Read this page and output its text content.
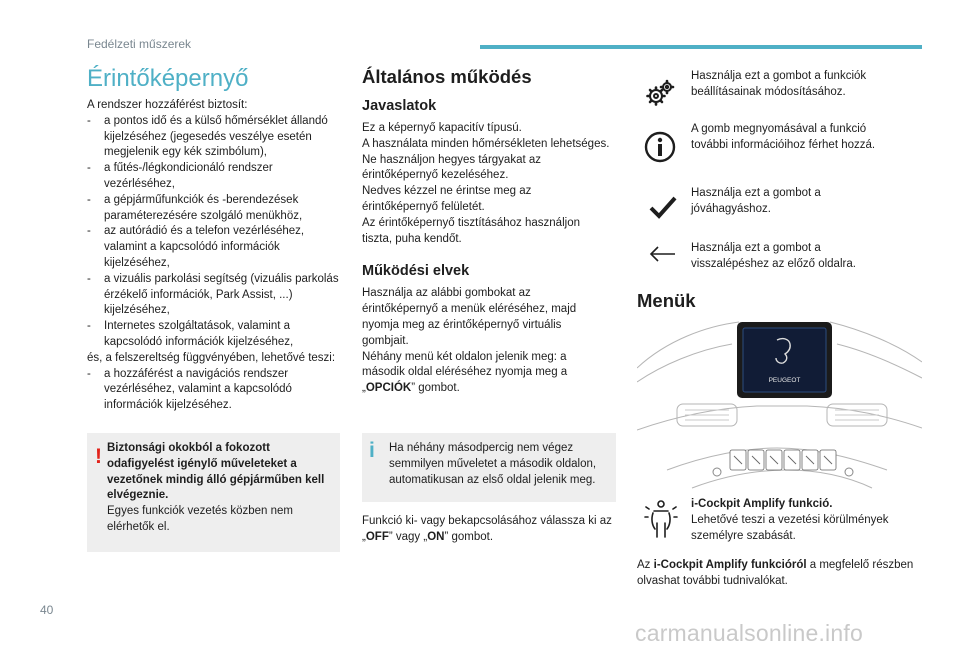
Fedélzeti műszerek
Érintőképernyő

A rendszer hozzáférést biztosít:

- a pontos idő és a külső hőmérséklet állandó kijelzéséhez (jegesedés veszélye esetén megjelenik egy kék szimbólum),
- a fűtés-/légkondicionáló rendszer vezérléséhez,
- a gépjárműfunkciók és -berendezések paraméterezésére szolgáló menükhöz,
- az autórádió és a telefon vezérléséhez, valamint a kapcsolódó információk kijelzéséhez,
- a vizuális parkolási segítség (vizuális parkolás érzékelő információk, Park Assist, ...) kijelzéséhez,
- Internetes szolgáltatások, valamint a kapcsolódó információk kijelzéséhez,

és, a felszereltség függvényében, lehetővé teszi:

- a hozzáférést a navigációs rendszer vezérléséhez, valamint a kapcsolódó információk kijelzéséhez.
! Biztonsági okokból a fokozott odafigyelést igénylő műveleteket a vezetőnek mindig álló gépjárműben kell elvégeznie.

Egyes funkciók vezetés közben nem elérhetők el.

Általános működés
Javaslatok

Ez a képernyő kapacitív típusú.

A használata minden hőmérsékleten lehetséges.

Ne használjon hegyes tárgyakat az érintőképernyő kezeléséhez.

Nedves kézzel ne érintse meg az érintőképernyő felületét.

Az érintőképernyő tisztításához használjon tiszta, puha kendőt.

Működési elvek

Használja az alábbi gombokat az érintőképernyő a menük eléréséhez, majd nyomja meg az érintőképernyő virtuális gombjait.

Néhány menü két oldalon jelenik meg: a második oldal eléréséhez nyomja meg a „OPCIÓK” gombot.

i Ha néhány másodpercig nem végez semmilyen műveletet a második oldalon, automatikusan az első oldal jelenik meg.

Funkció ki- vagy bekapcsolásához válassza ki az „OFF” vagy „ON” gombot.

Használja ezt a gombot a funkciók beállításainak módosításához.
A gomb megnyomásával a funkció további információihoz férhet hozzá.
Használja ezt a gombot a jóváhagyáshoz.
Használja ezt a gombot a visszalépéshez az előző oldalra.
Menük
PEUGEOT

i-Cockpit Amplify funkció.

Lehetővé teszi a vezetési körülmények személyre szabását.

Az i-Cockpit Amplify funkcióról a megfelelő részben olvashat további tudnivalókat.

40
carmanualsonline.info
